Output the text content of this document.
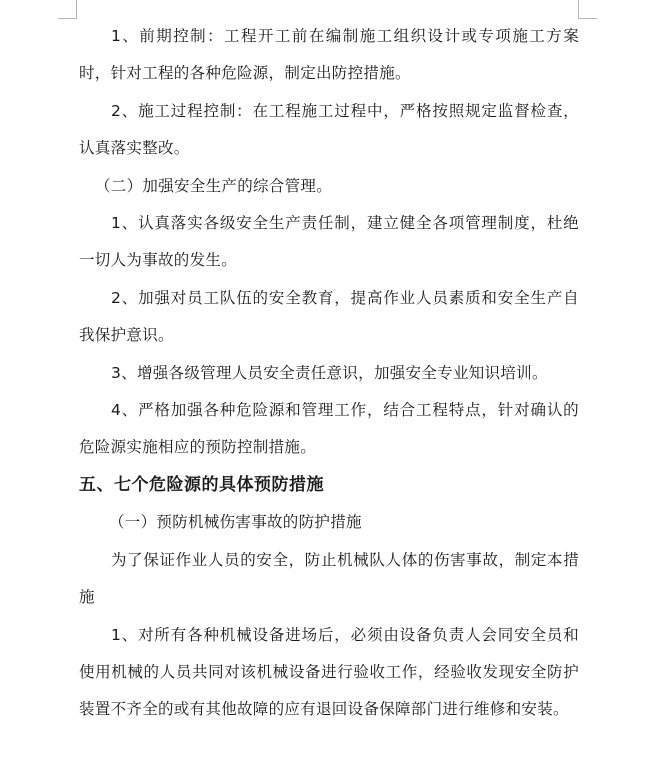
1、前期控制：工程开工前在编制施工组织设计或专项施工方案时，针对工程的各种危险源，制定出防控措施。

2、施工过程控制：在工程施工过程中，严格按照规定监督检查，认真落实整改。

（二）加强安全生产的综合管理。

1、认真落实各级安全生产责任制，建立健全各项管理制度，杜绝一切人为事故的发生。

2、加强对员工队伍的安全教育，提高作业人员素质和安全生产自我保护意识。

3、增强各级管理人员安全责任意识，加强安全专业知识培训。

4、严格加强各种危险源和管理工作，结合工程特点，针对确认的危险源实施相应的预防控制措施。

五、七个危险源的具体预防措施

（一）预防机械伤害事故的防护措施

为了保证作业人员的安全，防止机械队人体的伤害事故，制定本措施

1、对所有各种机械设备进场后，必须由设备负责人会同安全员和使用机械的人员共同对该机械设备进行验收工作，经验收发现安全防护装置不齐全的或有其他故障的应有退回设备保障部门进行维修和安装。
